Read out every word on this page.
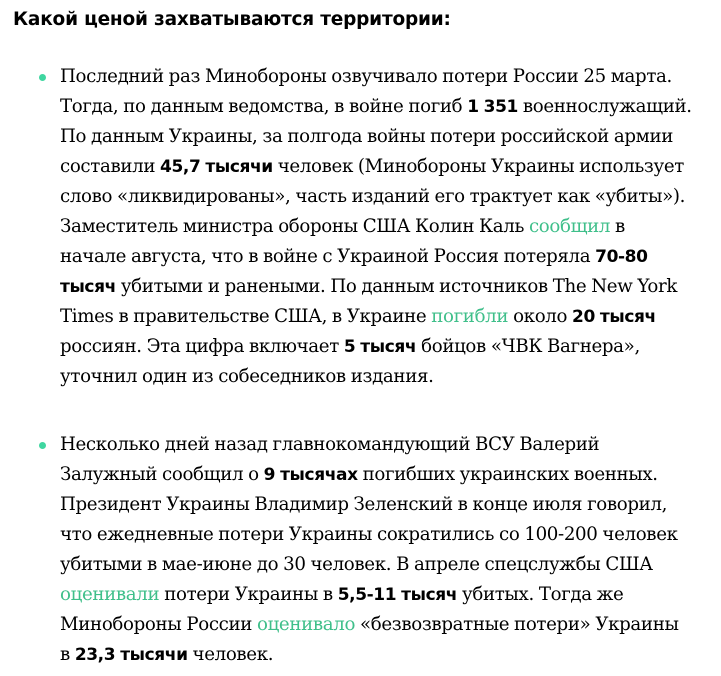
Какой ценой захватываются территории:
Последний раз Минобороны озвучивало потери России 25 марта.
Тогда, по данным ведомства, в войне погиб 1 351 военнослужащий.
По данным Украины, за полгода войны потери российской армии
составили 45,7 тысячи человек (Минобороны Украины использует
слово «ликвидированы», часть изданий его трактует как «убиты»).
Заместитель министра обороны США Колин Каль сообщил в
начале августа, что в войне с Украиной Россия потеряла 70-80
тысяч убитыми и ранеными. По данным источников The New York
Times в правительстве США, в Украине погибли около 20 тысяч
россиян. Эта цифра включает 5 тысяч бойцов «ЧВК Вагнера»,
уточнил один из собеседников издания.
Несколько дней назад главнокомандующий ВСУ Валерий
Залужный сообщил о 9 тысячах погибших украинских военных.
Президент Украины Владимир Зеленский в конце июля говорил,
что ежедневные потери Украины сократились со 100-200 человек
убитыми в мае-июне до 30 человек. В апреле спецслужбы США
оценивали потери Украины в 5,5-11 тысяч убитых. Тогда же
Минобороны России оценивало «безвозвратные потери» Украины
в 23,3 тысячи человек.
